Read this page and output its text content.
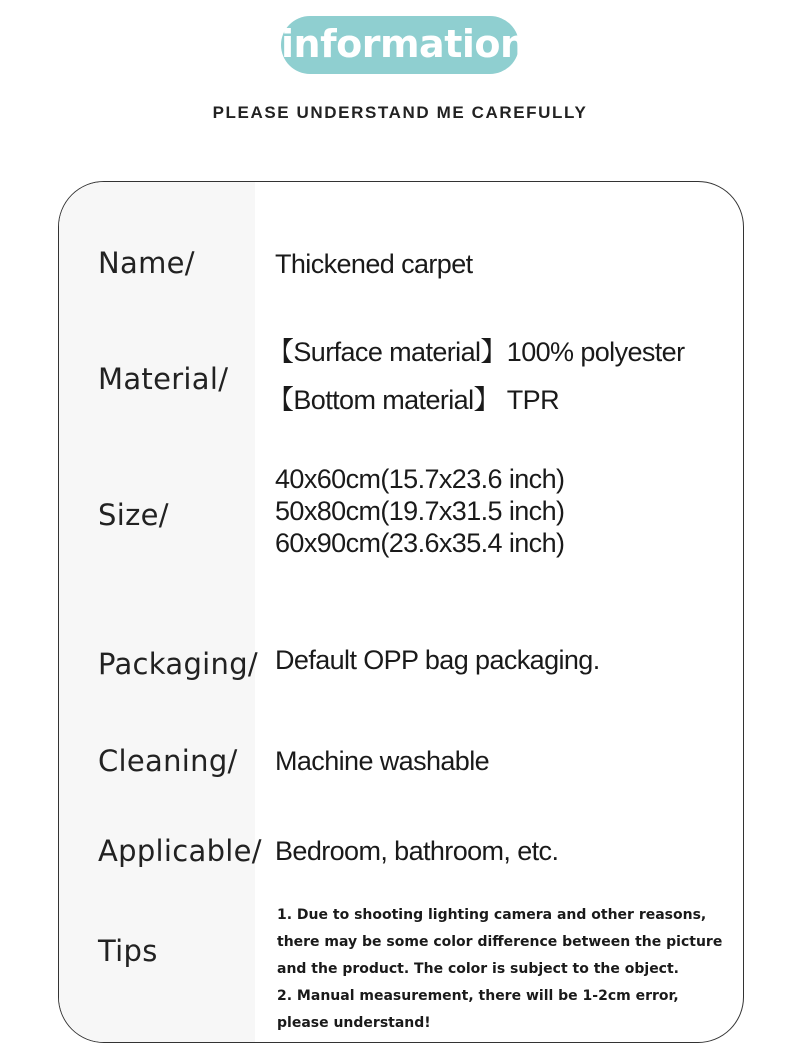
information
PLEASE UNDERSTAND ME CAREFULLY
Name/	Thickened carpet
Material/
【Surface material】100% polyester
【Bottom material】 TPR
Size/
40x60cm(15.7x23.6 inch)
50x80cm(19.7x31.5 inch)
60x90cm(23.6x35.4 inch)
Packaging/ Default OPP bag packaging.
Cleaning/ Machine washable
Applicable/ Bedroom, bathroom, etc.
Tips
1. Due to shooting lighting camera and other reasons,
there may be some color difference between the picture
and the product. The color is subject to the object.
2. Manual measurement, there will be 1-2cm error,
please understand!
